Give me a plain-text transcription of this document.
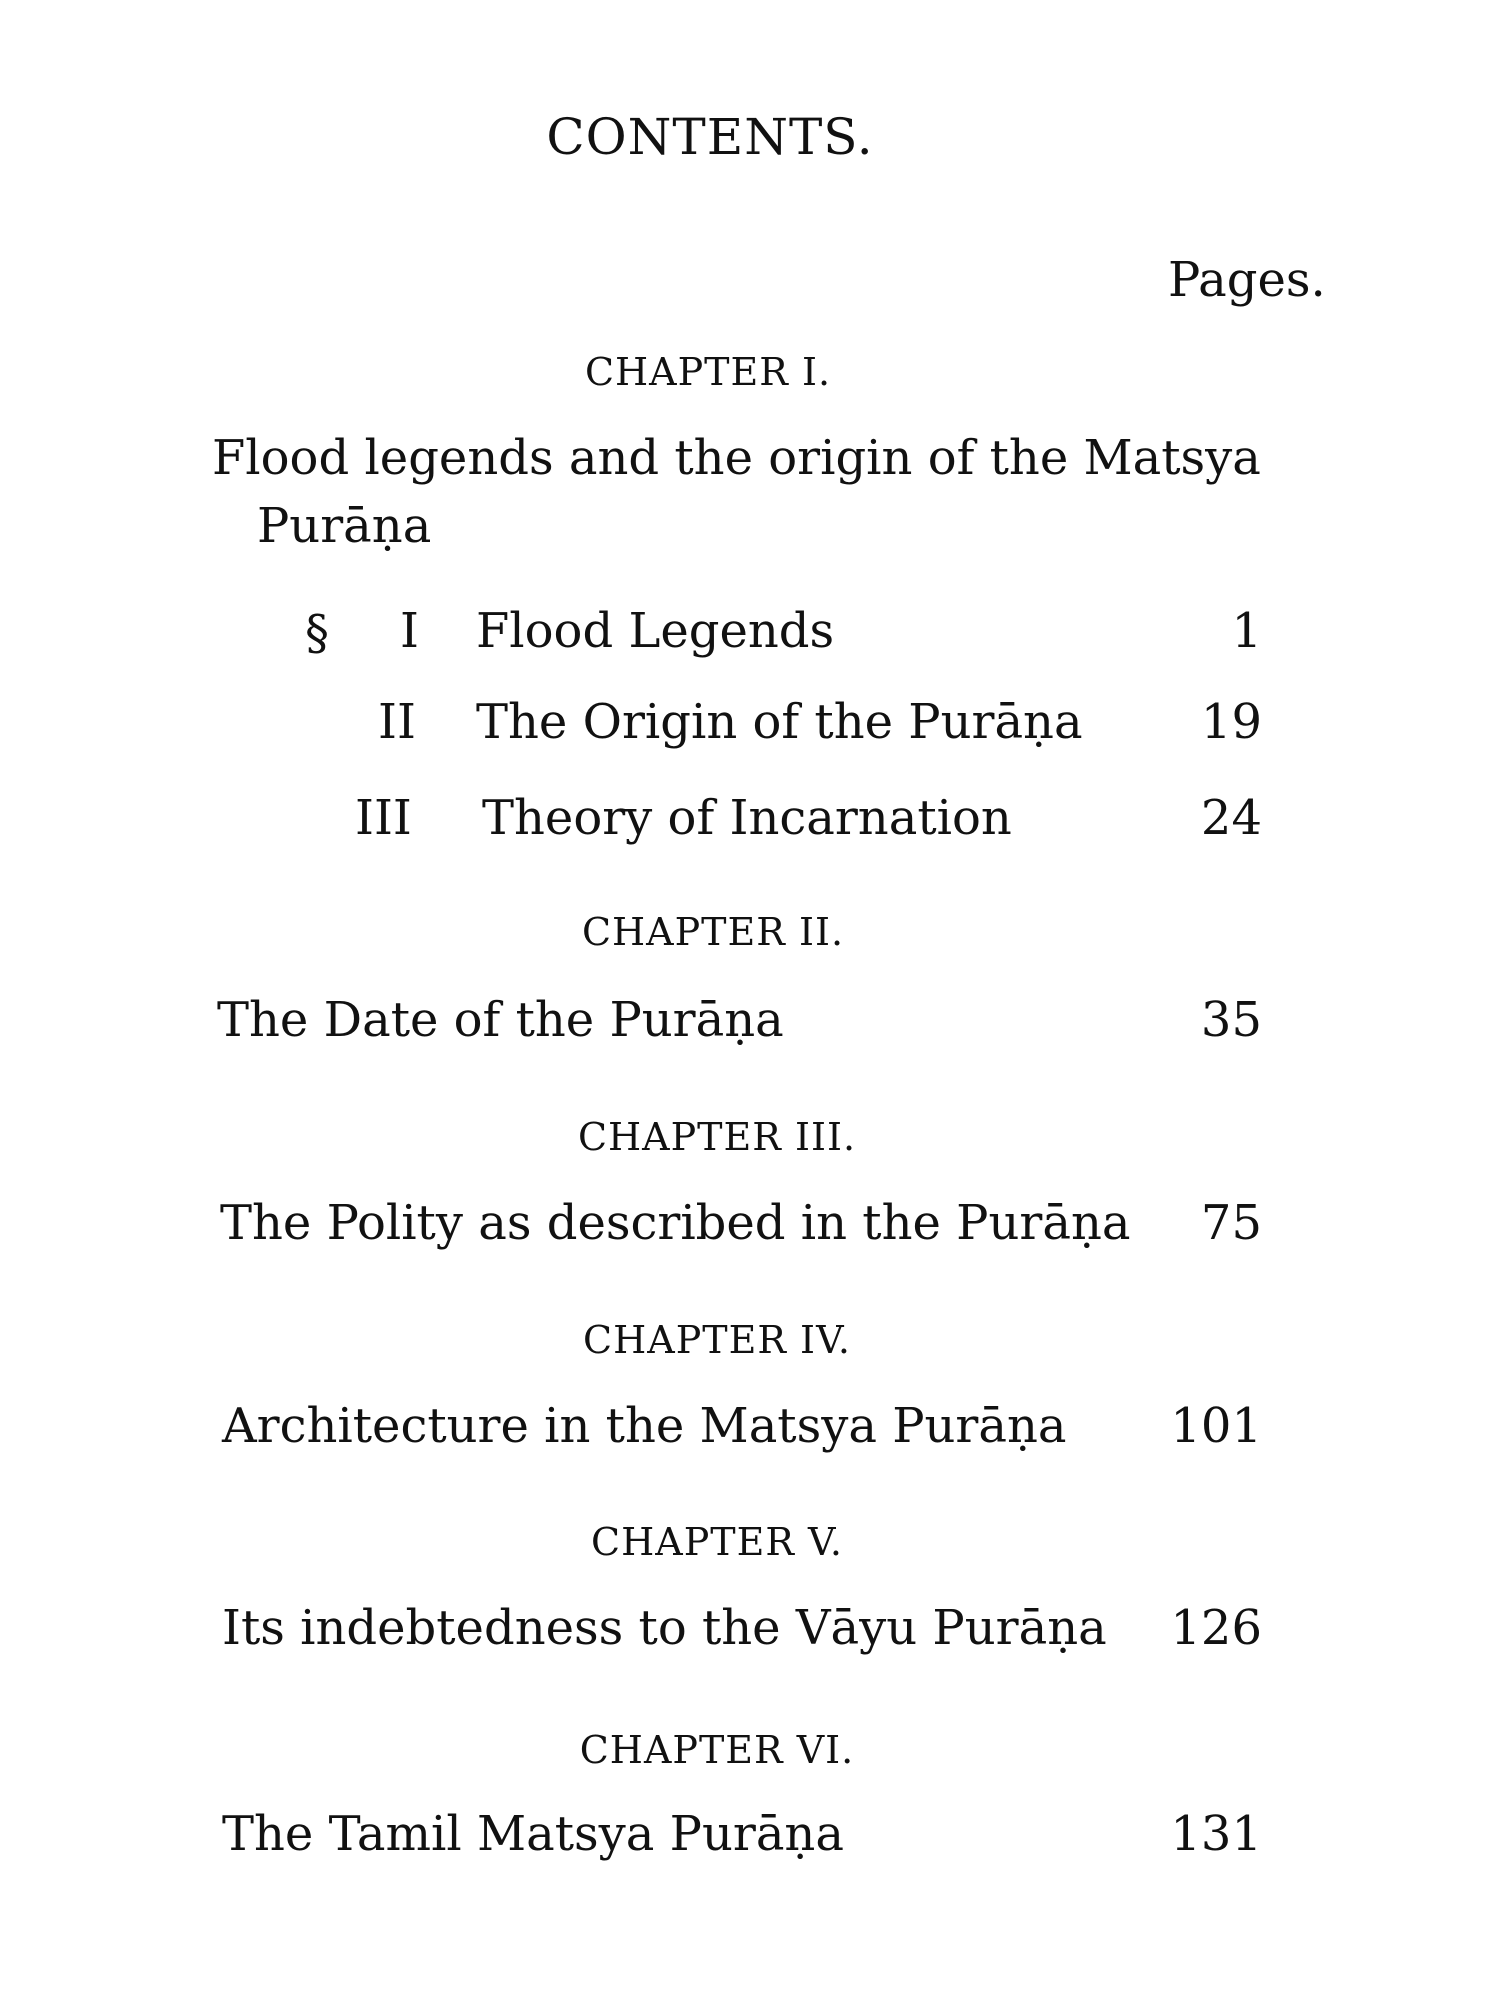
CONTENTS.
Pages.
CHAPTER I.
Flood legends and the origin of the Matsya
Purāṇa
§ I Flood Legends	1
II The Origin of the Purāṇa 19
III Theory of Incarnation	24
CHAPTER II.
The Date of the Purāṇa	35
CHAPTER III.
The Polity as described in the Purāṇa 75
CHAPTER IV.
Architecture in the Matsya Purāṇa 101
CHAPTER V.
Its indebtedness to the Vāyu Purāṇa 126
CHAPTER VI.
The Tamil Matsya Purāṇa	131
